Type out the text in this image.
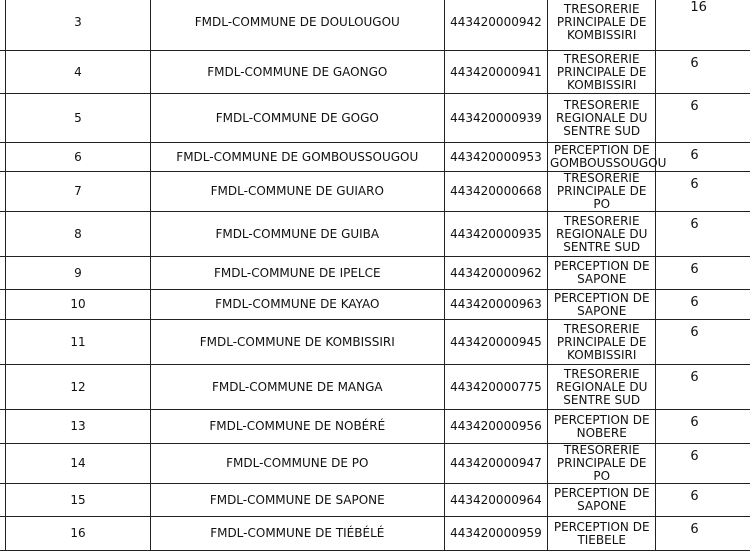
	3	FMDL-COMMUNE DE DOULOUGOU	443420000942	TRESORERIE PRINCIPALE DE KOMBISSIRI	16
	4	FMDL-COMMUNE DE GAONGO	443420000941	TRESORERIE PRINCIPALE DE KOMBISSIRI	6
	5	FMDL-COMMUNE DE GOGO	443420000939	TRESORERIE REGIONALE DU SENTRE SUD	6
	6	FMDL-COMMUNE DE GOMBOUSSOUGOU	443420000953	PERCEPTION DE GOMBOUSSOUGOU	6
	7	FMDL-COMMUNE DE GUIARO	443420000668	TRESORERIE PRINCIPALE DE PO	6
	8	FMDL-COMMUNE DE GUIBA	443420000935	TRESORERIE REGIONALE DU SENTRE SUD	6
	9	FMDL-COMMUNE DE IPELCE	443420000962	PERCEPTION DE SAPONE	6
	10	FMDL-COMMUNE DE KAYAO	443420000963	PERCEPTION DE SAPONE	6
	11	FMDL-COMMUNE DE KOMBISSIRI	443420000945	TRESORERIE PRINCIPALE DE KOMBISSIRI	6
	12	FMDL-COMMUNE DE MANGA	443420000775	TRESORERIE REGIONALE DU SENTRE SUD	6
	13	FMDL-COMMUNE DE NOBÉRÉ	443420000956	PERCEPTION DE NOBERE	6
	14	FMDL-COMMUNE DE PO	443420000947	TRESORERIE PRINCIPALE DE PO	6
	15	FMDL-COMMUNE DE SAPONE	443420000964	PERCEPTION DE SAPONE	6
	16	FMDL-COMMUNE DE TIÉBÉLÉ	443420000959	PERCEPTION DE TIEBELE	6
